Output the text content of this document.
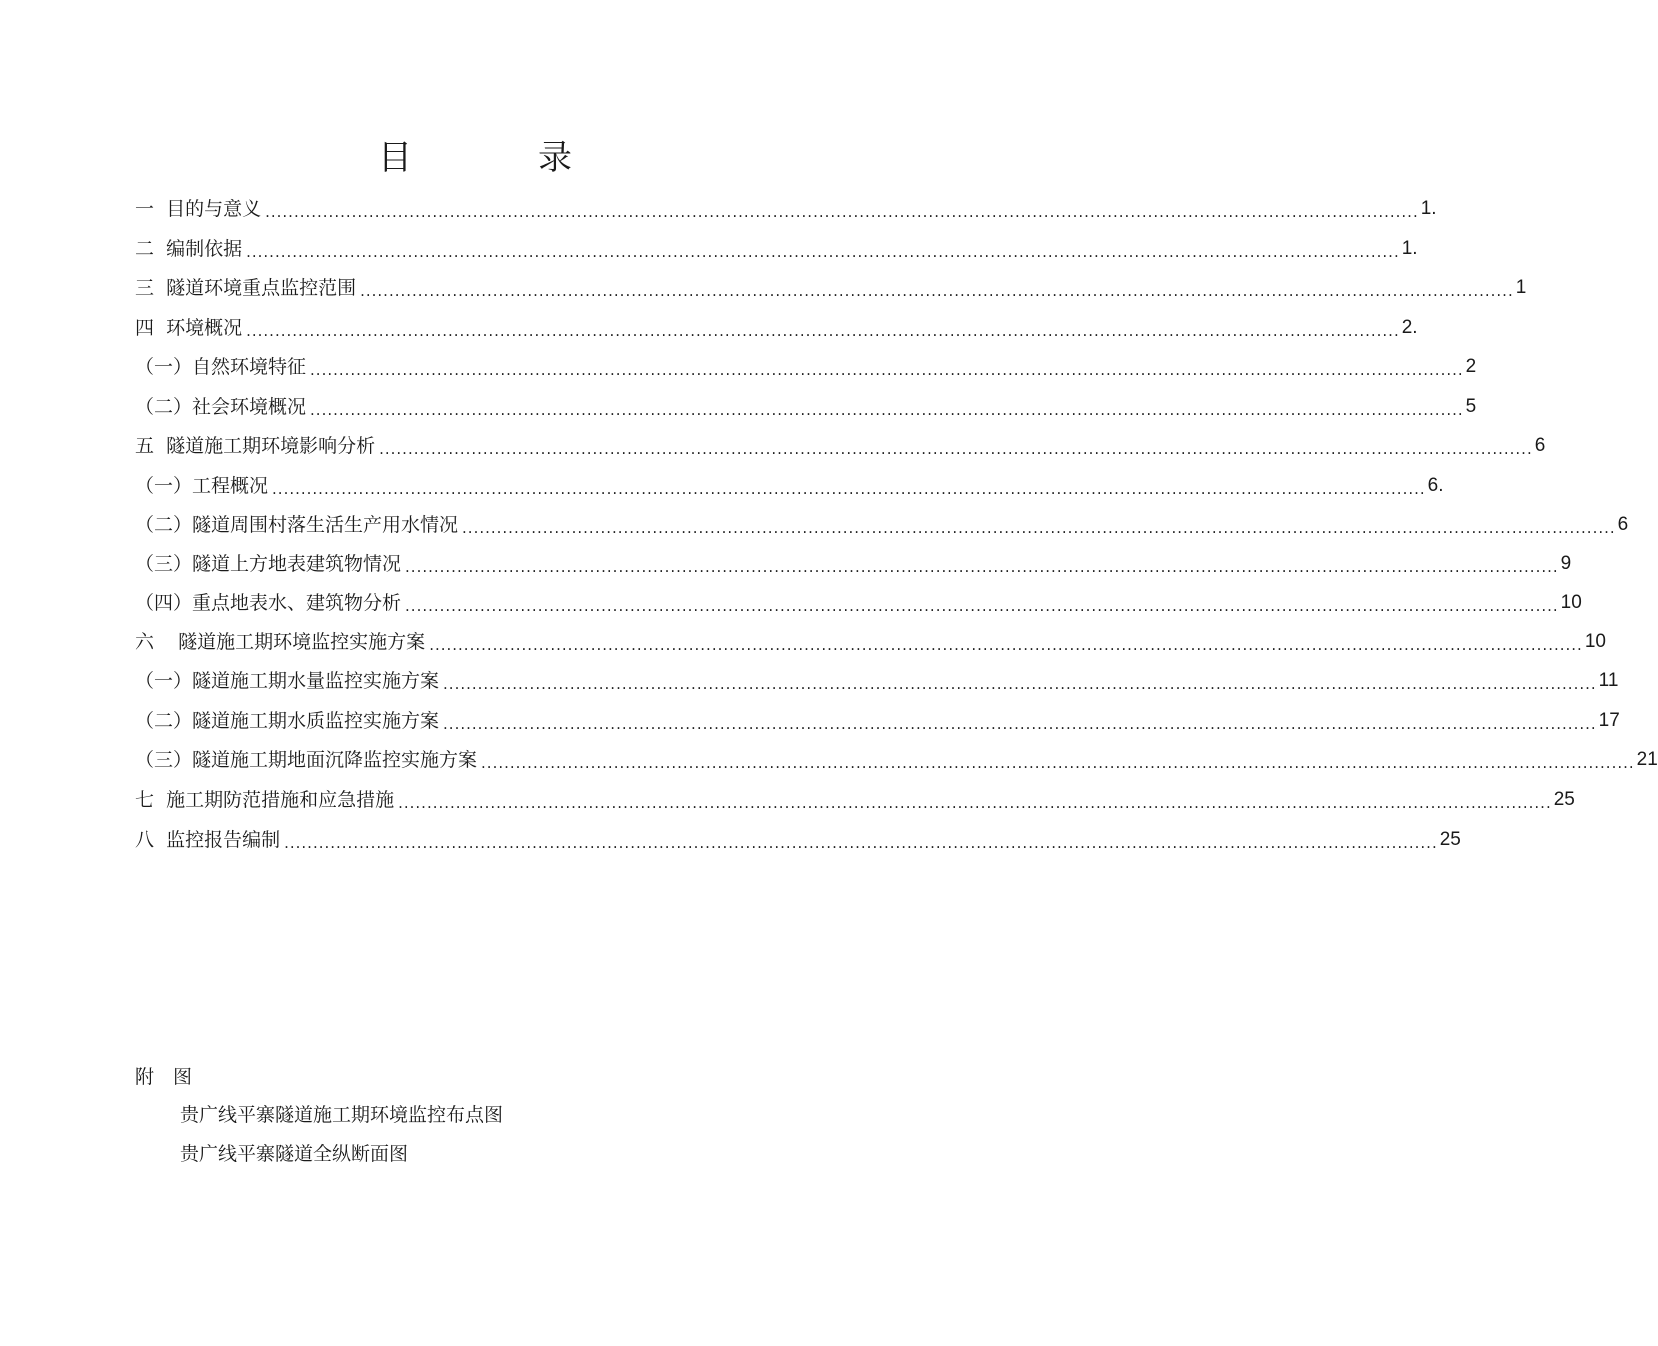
目　录
一 目的与意义 ........................................................................................................................................................................................................ 1.
二 编制依据 ........................................................................................................................................................................................................ 1.
三 隧道环境重点监控范围 ........................................................................................................................................................................................................ 1
四 环境概况 ........................................................................................................................................................................................................ 2.
（一） 自然环境特征 ........................................................................................................................................................................................................ 2
（二） 社会环境概况 ........................................................................................................................................................................................................ 5
五 隧道施工期环境影响分析 ........................................................................................................................................................................................................ 6
（一） 工程概况 ........................................................................................................................................................................................................ 6.
（二） 隧道周围村落生活生产用水情况 ........................................................................................................................................................................................................ 6
（三） 隧道上方地表建筑物情况 ........................................................................................................................................................................................................ 9
（四） 重点地表水、建筑物分析 ........................................................................................................................................................................................................ 10
六 隧道施工期环境监控实施方案 ........................................................................................................................................................................................................ 10
（一） 隧道施工期水量监控实施方案 ........................................................................................................................................................................................................ 11
（二） 隧道施工期水质监控实施方案 ........................................................................................................................................................................................................ 17
（三） 隧道施工期地面沉降监控实施方案 ........................................................................................................................................................................................................ 21
七 施工期防范措施和应急措施 ........................................................................................................................................................................................................ 25
八 监控报告编制 ........................................................................................................................................................................................................ 25
附　图
贵广线平寨隧道施工期环境监控布点图
贵广线平寨隧道全纵断面图
